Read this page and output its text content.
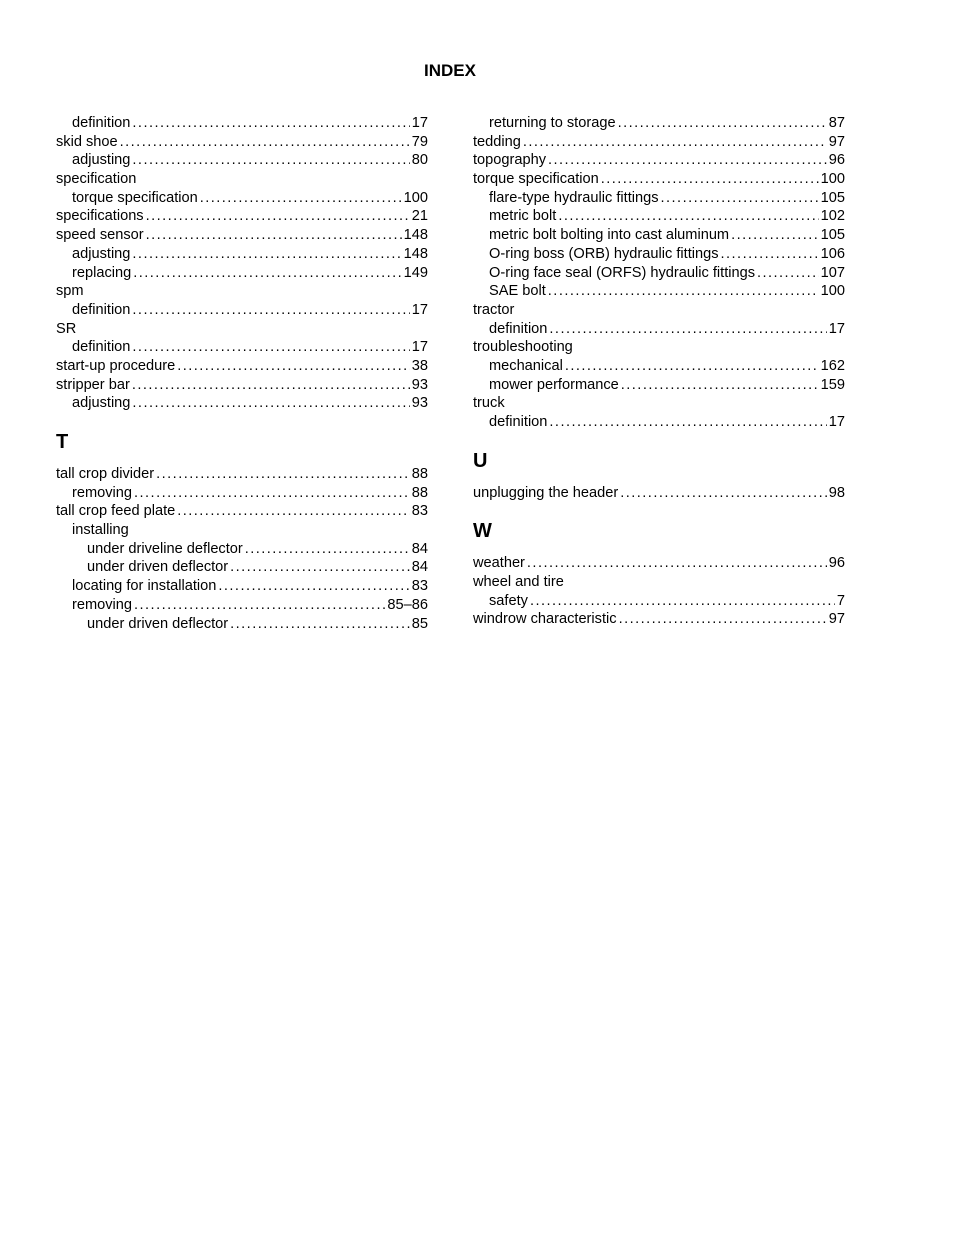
INDEX
definition . . .	17
skid shoe . . .	79
adjusting . . .	80
specification
torque specification . . .	100
specifications . . .	21
speed sensor . . .	148
adjusting . . .	148
replacing . . .	149
spm
definition . . .	17
SR
definition . . .	17
start-up procedure . . .	38
stripper bar . . .	93
adjusting . . .	93
T
tall crop divider . . .	88
removing . . .	88
tall crop feed plate . . .	83
installing
under driveline deflector . . .	84
under driven deflector . . .	84
locating for installation . . .	83
removing . . .	85–86
under driven deflector . . .	85
returning to storage . . .	87
tedding . . .	97
topography . . .	96
torque specification . . .	100
flare-type hydraulic fittings . . .	105
metric bolt . . .	102
metric bolt bolting into cast aluminum . . .	105
O-ring boss (ORB) hydraulic fittings . . .	106
O-ring face seal (ORFS) hydraulic fittings . . .	107
SAE bolt . . .	100
tractor
definition . . .	17
troubleshooting
mechanical . . .	162
mower performance . . .	159
truck
definition . . .	17
U
unplugging the header . . .	98
W
weather . . .	96
wheel and tire
safety . . .	7
windrow characteristic . . .	97
